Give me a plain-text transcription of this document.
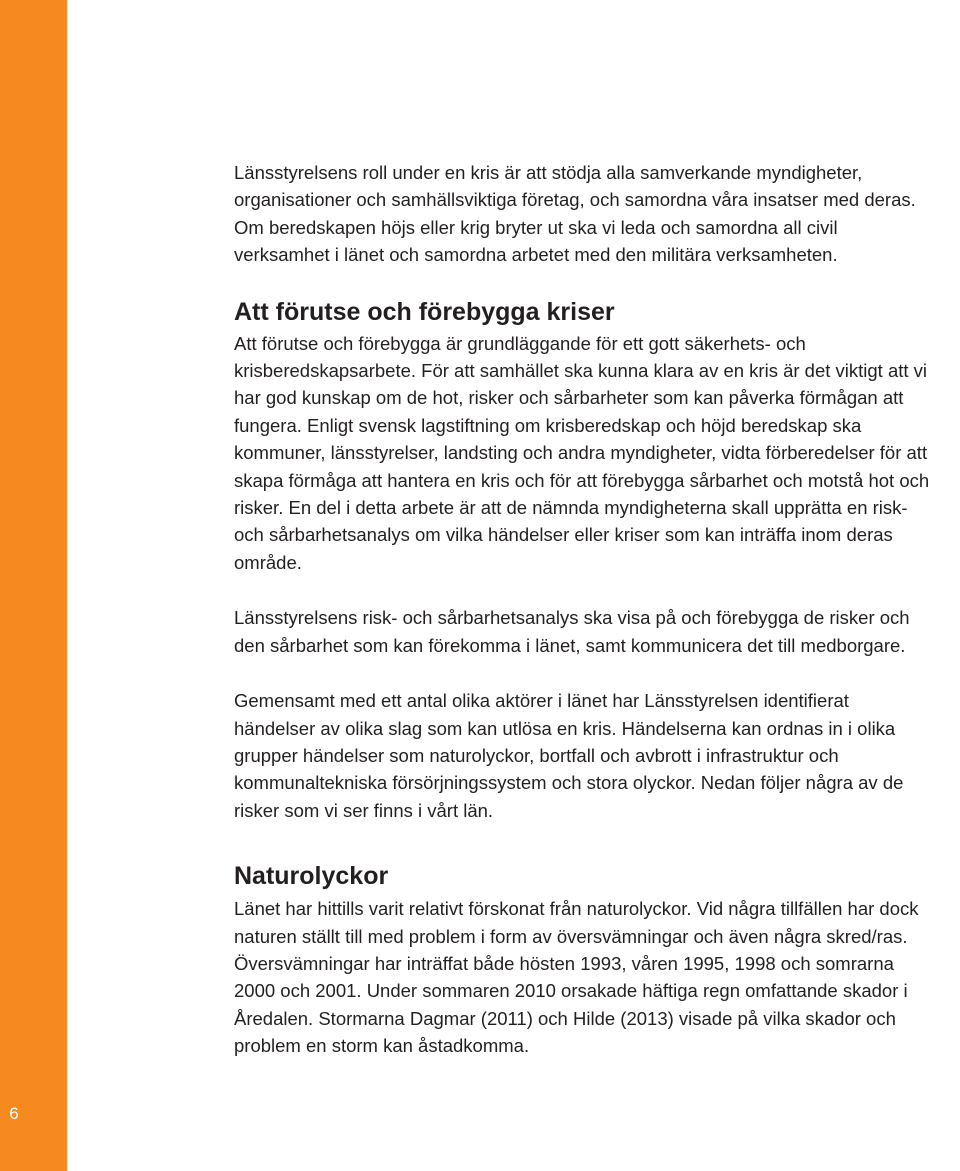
6

Länsstyrelsens roll under en kris är att stödja alla samverkande myndigheter, organisationer och samhällsviktiga företag, och samordna våra insatser med deras. Om beredskapen höjs eller krig bryter ut ska vi leda och samordna all civil verksamhet i länet och samordna arbetet med den militära verksamheten.

Att förutse och förebygga kriser

Att förutse och förebygga är grundläggande för ett gott säkerhets- och krisberedskapsarbete. För att samhället ska kunna klara av en kris är det viktigt att vi har god kunskap om de hot, risker och sårbarheter som kan påverka förmågan att fungera. Enligt svensk lagstiftning om krisberedskap och höjd beredskap ska kommuner, länsstyrelser, landsting och andra myndigheter, vidta förberedelser för att skapa förmåga att hantera en kris och för att förebygga sårbarhet och motstå hot och risker. En del i detta arbete är att de nämnda myndigheterna skall upprätta en risk- och sårbarhetsanalys om vilka händelser eller kriser som kan inträffa inom deras område.

Länsstyrelsens risk- och sårbarhetsanalys ska visa på och förebygga de risker och den sårbarhet som kan förekomma i länet, samt kommunicera det till medborgare.

Gemensamt med ett antal olika aktörer i länet har Länsstyrelsen identifierat händelser av olika slag som kan utlösa en kris. Händelserna kan ordnas in i olika grupper händelser som naturolyckor, bortfall och avbrott i infrastruktur och kommunaltekniska försörjningssystem och stora olyckor. Nedan följer några av de risker som vi ser finns i vårt län.

Naturolyckor

Länet har hittills varit relativt förskonat från naturolyckor. Vid några tillfällen har dock naturen ställt till med problem i form av översvämningar och även några skred/ras. Översvämningar har inträffat både hösten 1993, våren 1995, 1998 och somrarna 2000 och 2001. Under sommaren 2010 orsakade häftiga regn omfattande skador i Åredalen. Stormarna Dagmar (2011) och Hilde (2013) visade på vilka skador och problem en storm kan åstadkomma.
